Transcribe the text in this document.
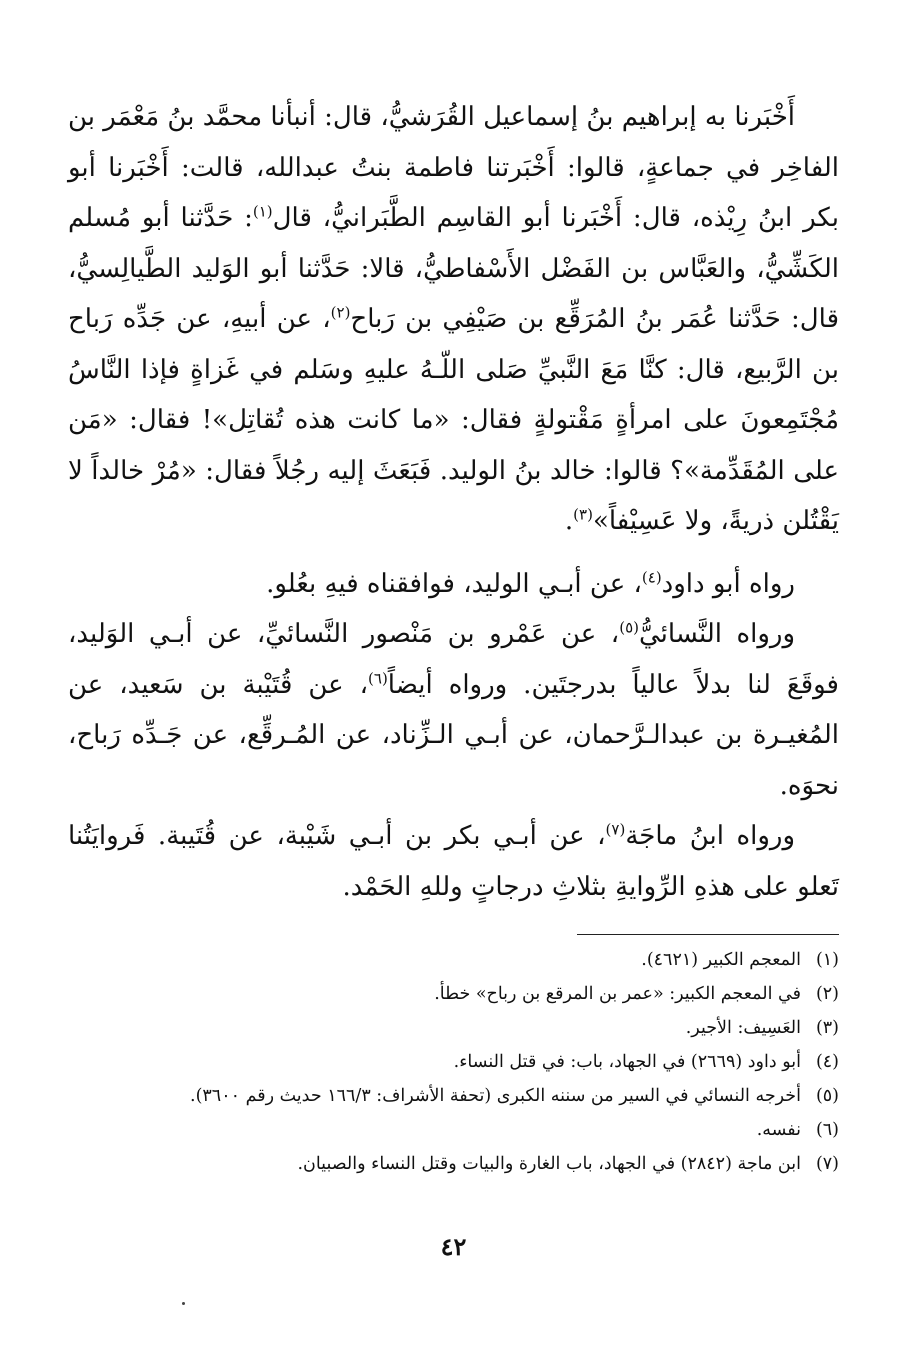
أَخْبَرنا به إبراهيم بنُ إسماعيل القُرَشيُّ، قال: أنبأنا محمَّد بنُ مَعْمَر بن الفاخِر في جماعةٍ، قالوا: أَخْبَرتنا فاطمة بنتُ عبدالله، قالت: أَخْبَرنا أبو بكر ابنُ رِيْذه، قال: أَخْبَرنا أبو القاسِم الطَّبَرانيُّ، قال$^{(١)}$: حَدَّثنا أبو مُسلم الكَشِّيُّ، والعَبَّاس بن الفَضْل الأَسْفاطيُّ، قالا: حَدَّثنا أبو الوَليد الطَّيالِسيُّ، قال: حَدَّثنا عُمَر بنُ المُرَقِّع بن صَيْفِي بن رَباح$^{(٢)}$، عن أبيهِ، عن جَدِّه رَباح بن الرَّبيع، قال: كنَّا مَعَ النَّبيِّ صَلى اللّـهُ عليهِ وسَلم في غَزاةٍ فإذا النَّاسُ مُجْتَمِعونَ على امرأةٍ مَقْتولةٍ فقال: «ما كانت هذه تُقاتِل»! فقال: «مَن على المُقَدِّمة»؟ قالوا: خالد بنُ الوليد. فَبَعَثَ إليه رجُلاً فقال: «مُرْ خالداً لا يَقْتُلن ذريةً، ولا عَسِيْفاً»$^{(٣)}$.

رواه أبو داود$^{(٤)}$، عن أبـي الوليد، فوافقناه فيهِ بعُلو.

ورواه النَّسائيُّ$^{(٥)}$، عن عَمْرو بن مَنْصور النَّسائيِّ، عن أبـي الوَليد، فوقَعَ لنا بدلاً عالياً بدرجتَين. ورواه أيضاً$^{(٦)}$، عن قُتَيْبة بن سَعيد، عن المُغيـرة بن عبدالـرَّحمان، عن أبـي الـزِّناد، عن المُـرقِّع، عن جَـدِّه رَباح، نحوَه.

ورواه ابنُ ماجَة$^{(٧)}$، عن أبـي بكر بن أبـي شَيْبة، عن قُتَيبة. فَروايَتُنا تَعلو على هذهِ الرِّوايةِ بثلاثِ درجاتٍ وللهِ الحَمْد.

(١)
المعجم الكبير (٤٦٢١).
(٢)
في المعجم الكبير: «عمر بن المرقع بن رباح» خطأ.
(٣)
العَسِيف: الأجير.
(٤)
أبو داود (٢٦٦٩) في الجهاد، باب: في قتل النساء.
(٥)
أخرجه النسائي في السير من سننه الكبرى (تحفة الأشراف: ١٦٦/٣ حديث رقم ٣٦٠٠).
(٦)
نفسه.
(٧)
ابن ماجة (٢٨٤٢) في الجهاد، باب الغارة والبيات وقتل النساء والصبيان.
٤٢
